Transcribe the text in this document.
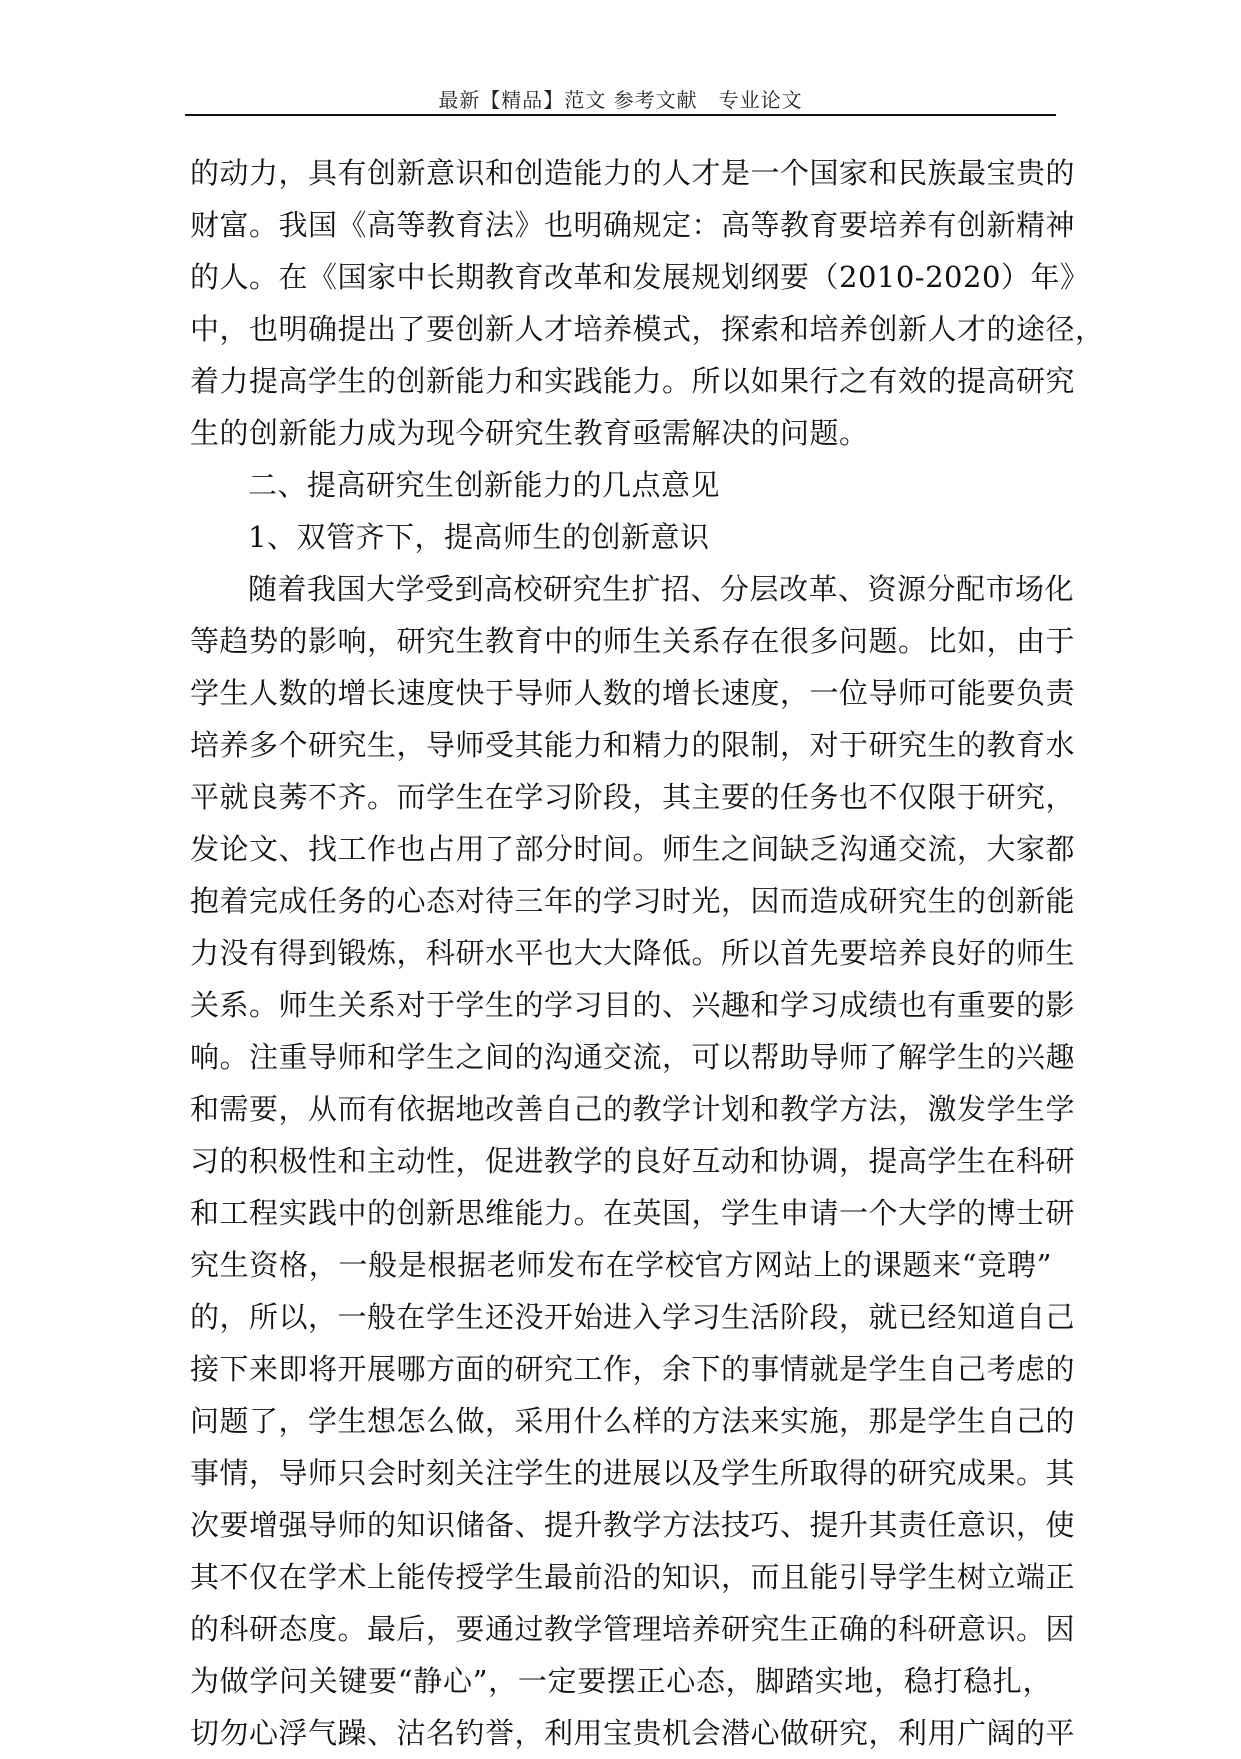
最新【精品】范文 参考文献　专业论文
的动力，具有创新意识和创造能力的人才是一个国家和民族最宝贵的
财富。我国《高等教育法》也明确规定：高等教育要培养有创新精神
的人。在《国家中长期教育改革和发展规划纲要（2010-2020）年》
中，也明确提出了要创新人才培养模式，探索和培养创新人才的途径，
着力提高学生的创新能力和实践能力。所以如果行之有效的提高研究
生的创新能力成为现今研究生教育亟需解决的问题。
二、提高研究生创新能力的几点意见
1、双管齐下，提高师生的创新意识
随着我国大学受到高校研究生扩招、分层改革、资源分配市场化
等趋势的影响，研究生教育中的师生关系存在很多问题。比如，由于
学生人数的增长速度快于导师人数的增长速度，一位导师可能要负责
培养多个研究生，导师受其能力和精力的限制，对于研究生的教育水
平就良莠不齐。而学生在学习阶段，其主要的任务也不仅限于研究，
发论文、找工作也占用了部分时间。师生之间缺乏沟通交流，大家都
抱着完成任务的心态对待三年的学习时光，因而造成研究生的创新能
力没有得到锻炼，科研水平也大大降低。所以首先要培养良好的师生
关系。师生关系对于学生的学习目的、兴趣和学习成绩也有重要的影
响。注重导师和学生之间的沟通交流，可以帮助导师了解学生的兴趣
和需要，从而有依据地改善自己的教学计划和教学方法，激发学生学
习的积极性和主动性，促进教学的良好互动和协调，提高学生在科研
和工程实践中的创新思维能力。在英国，学生申请一个大学的博士研
究生资格，一般是根据老师发布在学校官方网站上的课题来“竞聘”
的，所以，一般在学生还没开始进入学习生活阶段，就已经知道自己
接下来即将开展哪方面的研究工作，余下的事情就是学生自己考虑的
问题了，学生想怎么做，采用什么样的方法来实施，那是学生自己的
事情，导师只会时刻关注学生的进展以及学生所取得的研究成果。其
次要增强导师的知识储备、提升教学方法技巧、提升其责任意识，使
其不仅在学术上能传授学生最前沿的知识，而且能引导学生树立端正
的科研态度。最后，要通过教学管理培养研究生正确的科研意识。因
为做学问关键要“静心”，一定要摆正心态，脚踏实地，稳打稳扎，
切勿心浮气躁、沽名钓誉，利用宝贵机会潜心做研究，利用广阔的平
